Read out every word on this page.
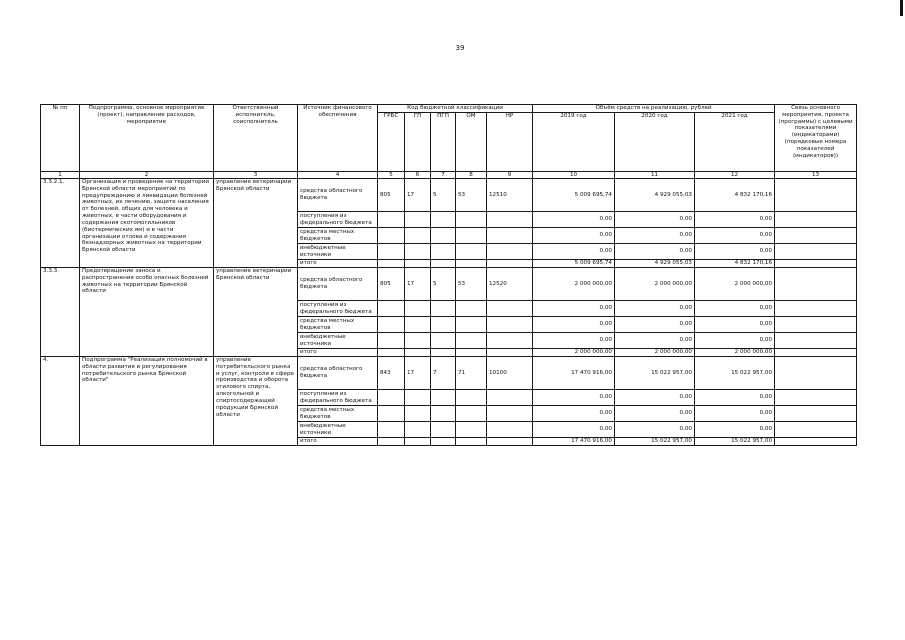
39
№ пп	Подпрограмма, основное мероприятие (проект), направление расходов, мероприятие	Ответственный исполнитель, соисполнитель	Источник финансового обеспечения	Код бюджетной классификации					Объём средств на реализацию, рублей			Связь основного мероприятия, проекта (программы) с целевыми показателями (индикаторами) (порядковые номера показателей (индикаторов))
				ГРБС	ГП	ПГП	ОМ	НР	2019 год	2020 год	2021 год	
1	2	3	4	5	6	7	8	9	10	11	12	13
3.3.2.1.	Организация и проведение на территории Брянской области мероприятий по предупреждению и ликвидации болезней животных, их лечению, защите населения от болезней, общих для человека и животных, в части оборудования и содержания скотомогильников (биотермических ям) и в части организации отлова и содержания безнадзорных животных на территории Брянской области	управление ветеринарии Брянской области	средства областного бюджета	805	17	5	53	12510	5 009 695,74	4 929 055,03	4 832 170,16	
			поступления из федерального бюджета						0,00	0,00	0,00	
			средства местных бюджетов						0,00	0,00	0,00	
			внебюджетные источники						0,00	0,00	0,00	
			итого						5 009 695,74	4 929 055,03	4 832 170,16	
3.3.3.	Предотвращение заноса и распространения особо опасных болезней животных на территории Брянской области	управление ветеринарии Брянской области	средства областного бюджета	805	17	5	53	12520	2 000 000,00	2 000 000,00	2 000 000,00	
			поступления из федерального бюджета						0,00	0,00	0,00	
			средства местных бюджетов						0,00	0,00	0,00	
			внебюджетные источники						0,00	0,00	0,00	
			итого						2 000 000,00	2 000 000,00	2 000 000,00	
4.	Подпрограмма "Реализация полномочий в области развития и регулирования потребительского рынка Брянской области"	управление потребительского рынка и услуг, контроля в сфере производства и оборота этилового спирта, алкогольной и спиртосодержащей продукции Брянской области	средства областного бюджета	843	17	7	71	10100	17 470 916,00	15 022 957,00	15 022 957,00	
			поступления из федерального бюджета						0,00	0,00	0,00	
			средства местных бюджетов						0,00	0,00	0,00	
			внебюджетные источники						0,00	0,00	0,00	
			итого						17 470 916,00	15 022 957,00	15 022 957,00	
